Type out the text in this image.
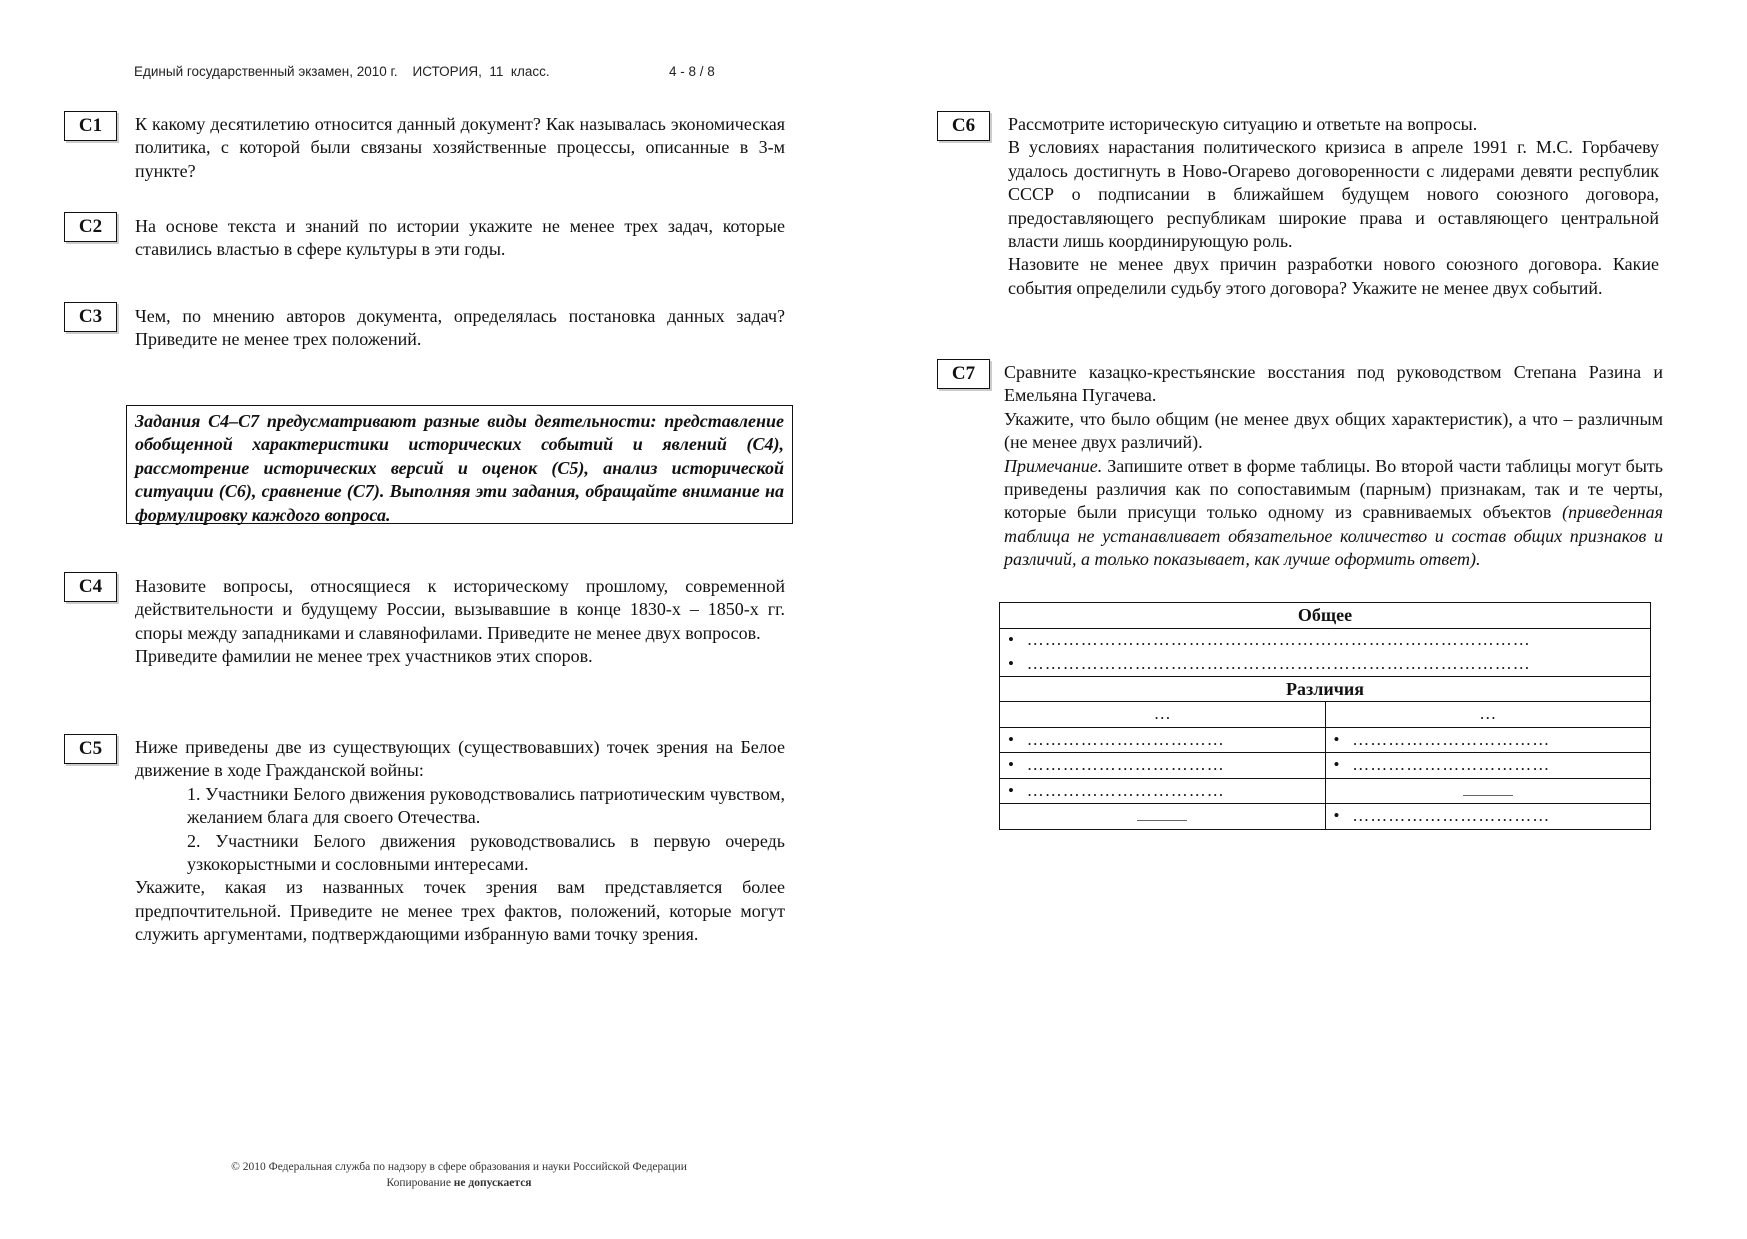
Единый государственный экзамен, 2010 г.    ИСТОРИЯ,  11  класс.	4 - 8 / 8
C1	К какому десятилетию относится данный документ? Как называлась экономическая политика, с которой были связаны хозяйственные процессы, описанные в 3-м пункте?
C2	На основе текста и знаний по истории укажите не менее трех задач, которые ставились властью в сфере культуры в эти годы.
C3	Чем, по мнению авторов документа, определялась постановка данных задач? Приведите не менее трех положений.
Задания С4–С7 предусматривают разные виды деятельности: представление обобщенной характеристики исторических событий и явлений (С4), рассмотрение исторических версий и оценок (С5), анализ исторической ситуации (С6), сравнение (С7). Выполняя эти задания, обращайте внимание на формулировку каждого вопроса.
C4	Назовите вопросы, относящиеся к историческому прошлому, современной действительности и будущему России, вызывавшие в конце 1830-х – 1850-х гг. споры между западниками и славянофилами. Приведите не менее двух вопросов.

Приведите фамилии не менее трех участников этих споров.

C5	Ниже приведены две из существующих (существовавших) точек зрения на Белое движение в ходе Гражданской войны:

1. Участники Белого движения руководствовались патриотическим чувством, желанием блага для своего Отечества.

2. Участники Белого движения руководствовались в первую очередь узкокорыстными и сословными интересами.

Укажите, какая из названных точек зрения вам представляется более предпочтительной. Приведите не менее трех фактов, положений, которые могут служить аргументами, подтверждающими избранную вами точку зрения.

C6	Рассмотрите историческую ситуацию и ответьте на вопросы.

В условиях нарастания политического кризиса в апреле 1991 г. М.С. Горбачеву удалось достигнуть в Ново-Огарево договоренности с лидерами девяти республик СССР о подписании в ближайшем будущем нового союзного договора, предоставляющего республикам широкие права и оставляющего центральной власти лишь координирующую роль.

Назовите не менее двух причин разработки нового союзного договора. Какие события определили судьбу этого договора? Укажите не менее двух событий.

C7	Сравните казацко-крестьянские восстания под руководством Степана Разина и Емельяна Пугачева.

Укажите, что было общим (не менее двух общих характеристик), а что – различным (не менее двух различий).

Примечание. Запишите ответ в форме таблицы. Во второй части таблицы могут быть приведены различия как по сопоставимым (парным) признакам, так и те черты, которые были присущи только одному из сравниваемых объектов (приведенная таблица не устанавливает обязательное количество и состав общих признаков и различий, а только показывает, как лучше оформить ответ).

Общее	
• …………………………………………………………………………	
• …………………………………………………………………………	
Различия	
…	…
• ……………………………	• ……………………………
• ……………………………	• ……………………………
• ……………………………	
	• ……………………………
© 2010 Федеральная служба по надзору в сфере образования и науки Российской Федерации
Копирование не допускается
